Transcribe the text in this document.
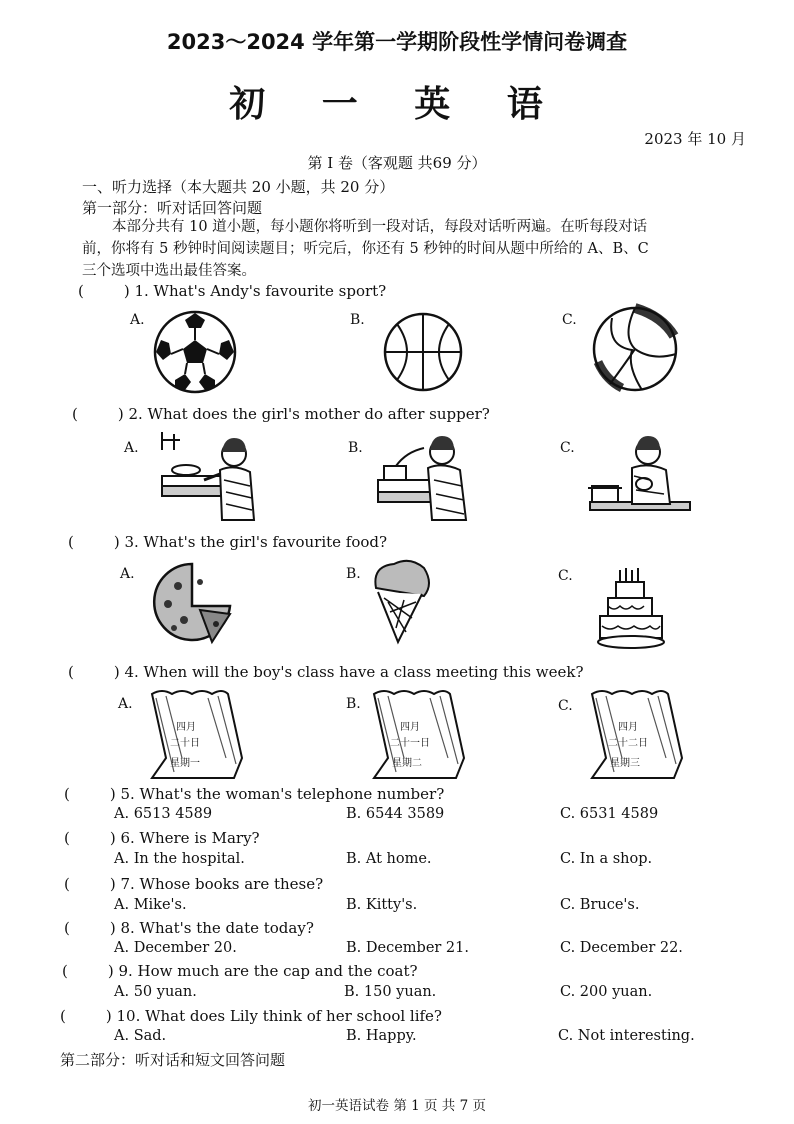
2023～2024 学年第一学期阶段性学情问卷调查
初 一 英 语
2023 年 10 月
第 I 卷（客观题 共69 分）
一、听力选择（本大题共 20 小题，共 20 分）
第一部分：听对话回答问题
本部分共有 10 道小题，每小题你将听到一段对话，每段对话听两遍。在听每段对话
前，你将有 5 秒钟时间阅读题目；听完后，你还有 5 秒钟的时间从题中所给的 A、B、C
三个选项中选出最佳答案。
(	) 1. What's Andy's favourite sport?
A.	B.	C.
(	) 2. What does the girl's mother do after supper?
A.	B.	C.
(	) 3. What's the girl's favourite food?
A.	B.	C.
(	) 4. When will the boy's class have a class meeting this week?
A.	B.	C.
四月
二十日
星期一
四月
二十一日
星期二
四月
二十二日
星期三
(	) 5. What's the woman's telephone number?
A. 6513 4589	B. 6544 3589	C. 6531 4589
(	) 6. Where is Mary?
A. In the hospital.	B. At home.	C. In a shop.
(	) 7. Whose books are these?
A. Mike's.	B. Kitty's.	C. Bruce's.
(	) 8. What's the date today?
A. December 20.	B. December 21.	C. December 22.
(	) 9. How much are the cap and the coat?
A. 50 yuan.	B. 150 yuan.	C. 200 yuan.
(	) 10. What does Lily think of her school life?
A. Sad.	B. Happy.	C. Not interesting.
第二部分：听对话和短文回答问题
初一英语试卷 第 1 页 共 7 页
